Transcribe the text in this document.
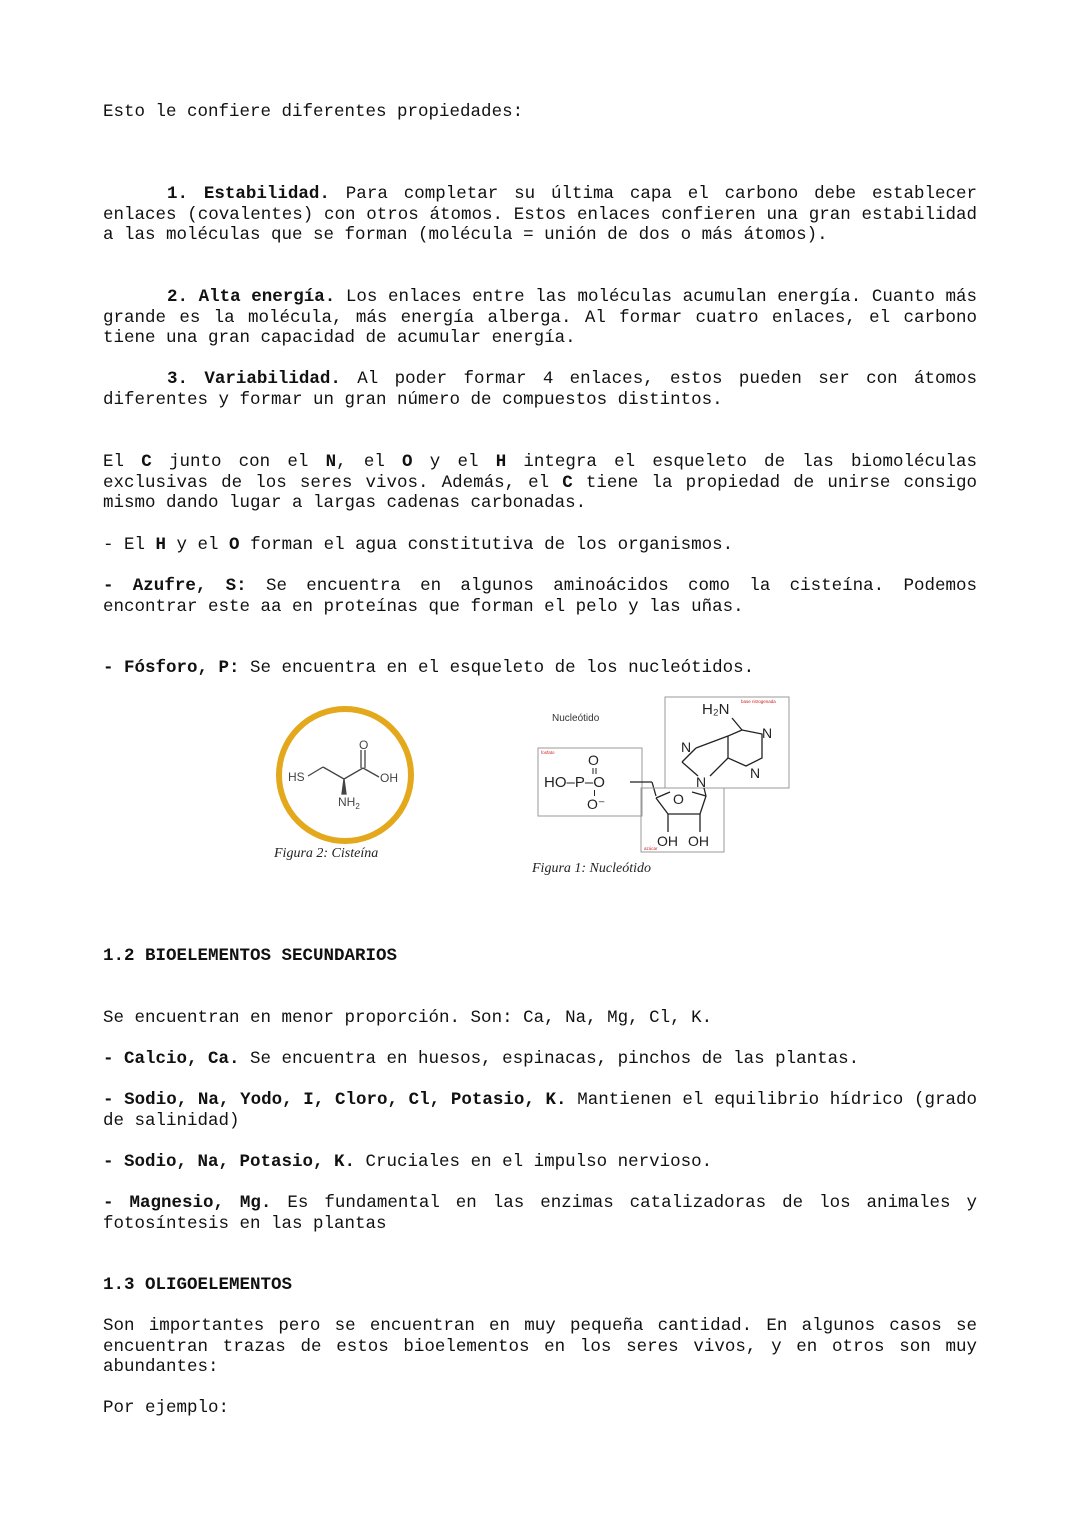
Esto le confiere diferentes propiedades:
1. Estabilidad. Para completar su última capa el carbono debe establecer enlaces (covalentes) con otros átomos. Estos enlaces confieren una gran estabilidad a las moléculas que se forman (molécula = unión de dos o más átomos).
2. Alta energía. Los enlaces entre las moléculas acumulan energía. Cuanto más grande es la molécula, más energía alberga. Al formar cuatro enlaces, el carbono tiene una gran capacidad de acumular energía.
3. Variabilidad. Al poder formar 4 enlaces, estos pueden ser con átomos diferentes y formar un gran número de compuestos distintos.
El C junto con el N, el O y el H integra el esqueleto de las biomoléculas exclusivas de los seres vivos. Además, el C tiene la propiedad de unirse consigo mismo dando lugar a largas cadenas carbonadas.
- El H y el O forman el agua constitutiva de los organismos.
- Azufre, S: Se encuentra en algunos aminoácidos como la cisteína. Podemos encontrar este aa en proteínas que forman el pelo y las uñas.
- Fósforo, P: Se encuentra en el esqueleto de los nucleótidos.
O
HS	OH
$NH_2$
Figura 2: Cisteína
Nucleótido
fosfato
HO–P–O
O
O⁻
base nitrogenada
H₂N
N
N
N
N
azúcar
O
OH OH
Figura 1: Nucleótido
1.2 BIOELEMENTOS SECUNDARIOS
Se encuentran en menor proporción. Son: Ca, Na, Mg, Cl, K.
- Calcio, Ca. Se encuentra en huesos, espinacas, pinchos de las plantas.
- Sodio, Na, Yodo, I, Cloro, Cl, Potasio, K. Mantienen el equilibrio hídrico (grado de salinidad)
- Sodio, Na, Potasio, K. Cruciales en el impulso nervioso.
- Magnesio, Mg. Es fundamental en las enzimas catalizadoras de los animales y fotosíntesis en las plantas
1.3 OLIGOELEMENTOS
Son importantes pero se encuentran en muy pequeña cantidad. En algunos casos se encuentran trazas de estos bioelementos en los seres vivos, y en otros son muy abundantes:
Por ejemplo:
